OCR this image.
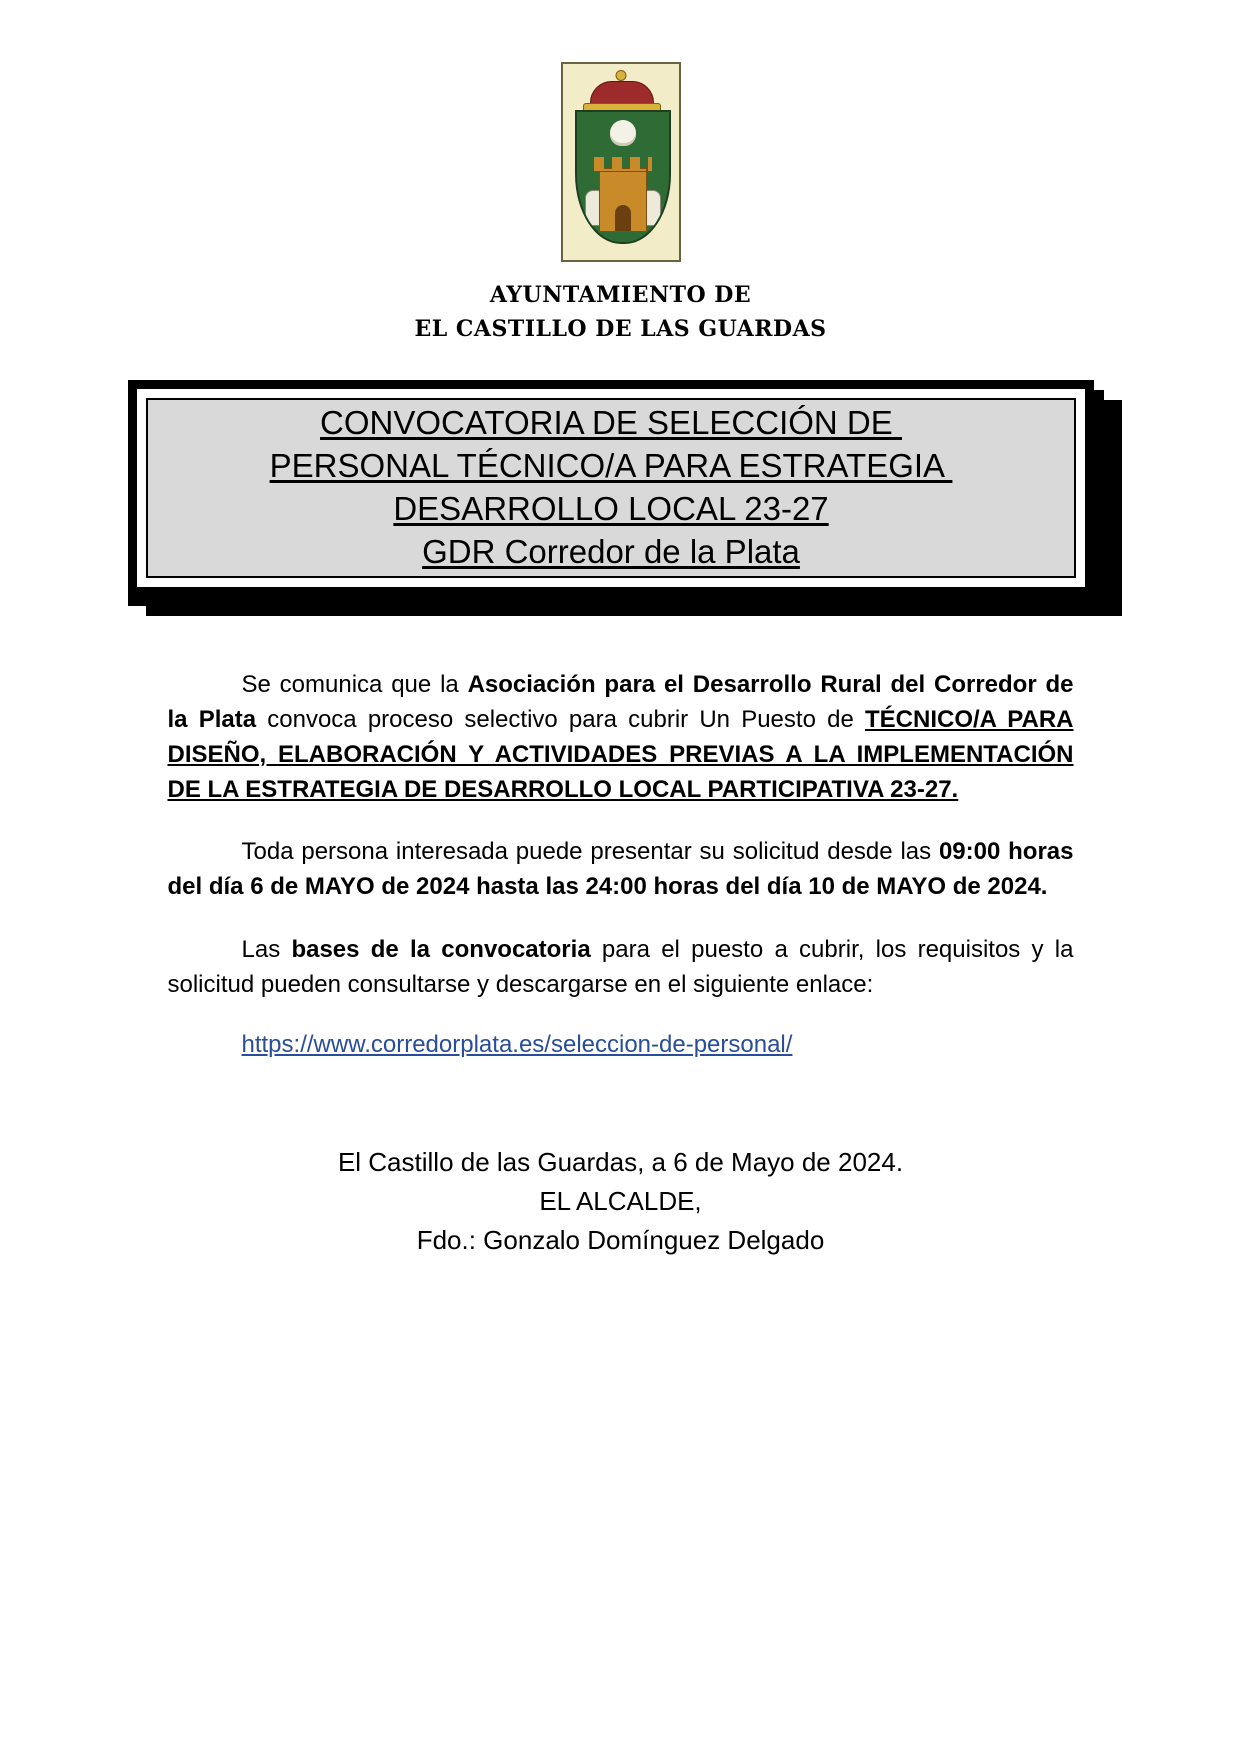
AYUNTAMIENTO DE
EL CASTILLO DE LAS GUARDAS
CONVOCATORIA DE SELECCIÓN DE
PERSONAL TÉCNICO/A PARA ESTRATEGIA
DESARROLLO LOCAL 23-27
GDR Corredor de la Plata

Se comunica que la Asociación para el Desarrollo Rural del Corredor de la Plata convoca proceso selectivo para cubrir Un Puesto de TÉCNICO/A PARA DISEÑO, ELABORACIÓN Y ACTIVIDADES PREVIAS A LA IMPLEMENTACIÓN DE LA ESTRATEGIA DE DESARROLLO LOCAL PARTICIPATIVA 23-27.

Toda persona interesada puede presentar su solicitud desde las 09:00 horas del día 6 de MAYO de 2024 hasta las 24:00 horas del día 10 de MAYO de 2024.

Las bases de la convocatoria para el puesto a cubrir, los requisitos y la solicitud pueden consultarse y descargarse en el siguiente enlace:

https://www.corredorplata.es/seleccion-de-personal/
El Castillo de las Guardas, a 6 de Mayo de 2024.
EL ALCALDE,
Fdo.: Gonzalo Domínguez Delgado
